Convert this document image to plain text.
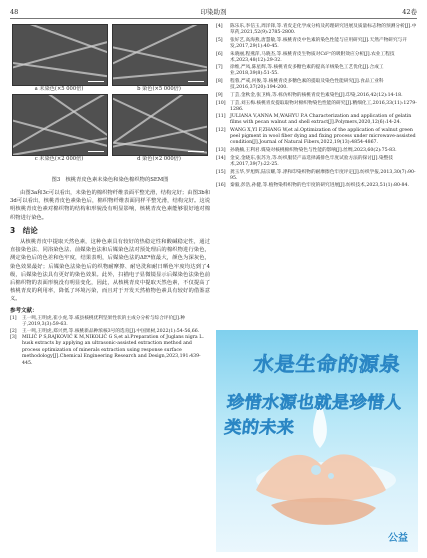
48	印染助剂	42卷
a 未染色(×5 000倍)	b 染色(×5 000倍)
c 未染色(×2 000倍)	d 染色(×2 000倍)
图3　核桃青皮色素未染色和染色棉织物的SEM图

由图3a和3c可以看出，未染色的棉织物纤维表面平整光滑，结构完好；由图3b和3d可以看出，核桃青皮色素染色后，棉织物纤维表面同样平整光滑，结构完好。这说明核桃青皮色素对棉织物的结构和形貌没有明显影响，核桃青皮色素能够很好地对棉织物进行染色。

3　结论

从核桃青皮中提取天然色素，这种色素具有较好的热稳定性和酸碱稳定性，通过直接染色法、同浴染色法、前媒染色法和后媒染色法对预处理后的棉织物进行染色，测定染色后的色差和色牢度，结果表明，后媒染色法的ΔE*值最大，颜色为深灰色，染色效果最好；后媒染色法染色后的织物耐摩擦、耐皂洗和耐日晒色牢度均达到了4级，后媒染色法具有更好的染色效果。此外，扫描电子显微镜显示后媒染色法染色前后棉织物的表面形貌没有明显变化，因此，从核桃青皮中提取天然色素，不仅提高了核桃青皮的利用率，降低了环境污染，而且对于开发天然植物色素具有较好的借鉴意义。

参考文献：
[1]	王一鸣,王明虎,崔小虎,等.威县核桃优利坚果性状的主成分分析与综合评价[J].种子,2019,3(3):59-63.
[2]	王一鸣,王明虎,郑兴贾,等.核桃新品种浓核3号的选育[J].中国果树,2022(1):54-56,66.
[3]	MILIĆ P S,RAJKOVIĆ K M,NIKOLIĆ G S,et al.Preparation of Juglans nigra L. husk extracts by applying an ultrasonic-assisted extraction method and process optimization of minerals extraction using response surface methodology[J].Chemical Engineering Research and Design,2023,191:439-445.
[4]	陈乐乐,李信玉,周洋锋,等.青皮走化学成分构及药理研究进展及质量标志物的预测分析[J].中草药,2021,52(9):2785-2800.
[5]	张好艺,高海燕,唐慧敏,等.核桃青皮中色素的染色性能与应用研究[J].天然产物研究与开发,2017,29(1):40-45.
[6]	朱晓丽,程燕萍,马晓杰,等.核桃青皮生物质对Cd²⁺的吸附效应分析[J].农业工程技术,2023,48(12):29-32.
[7]	徐维,严凤,陈星辉,等.核桃青皮多糖色素的提高羊绒染色工艺优化[J].合成工业,2018,39(8):51-55.
[8]	程蓉,严戒,何俊,等.核桃青皮多糖色素的提取及染色性能研究[J].食品工业科技,2016,37(20):194-200.
[9]	丁芸,金秋金,张卫梅,等.栎仿织物的核桃青皮色素染色[J].印染,2016,42(12):14-18.
[10] 丁芸,刘玉梅.核桃青皮提取取物对棉织物染色性能的研究[J].精细化工,2016,33(11):1279-1286.
[11] JULIANA V,ANNA M,WAHYU P.A Characterization and application of gelatin films with pecan walnut and shell extract[J].Polymers,2020,12(6):14-24.
[12] WANG X,YI F,ZHANG W,et al.Optimization of the application of walnut green peel pigment in wool fiber dying and fixing process under microwave-assisted condition[J].Journal of Natural Fibers,2022,19(13):4854-4867.
[13] 孙晓楠,王利君.媒染对核桃棉织物染色与性能的影响[J].丝绸,2023,60(2):75-83.
[14] 金安,金晓东,张苏为,等.纺织服装产品选择减排色牢度试验方法的探讨[J].染整技术,2017,39(7):22-25.
[15] 龚玉华,罗旭辉,陆宗耀,等.涤和印染织物的耐摩擦色牢度评定[J].纺织学报,2013,30(7):90-95.
[16] 秦毅,彭浩,孙健,等.植物染料织物的色牢度的研究进展[J].纺织技术,2023,51(1):80-84.
水是生命的源泉
珍惜水源也就是珍惜人类的未来
公益
